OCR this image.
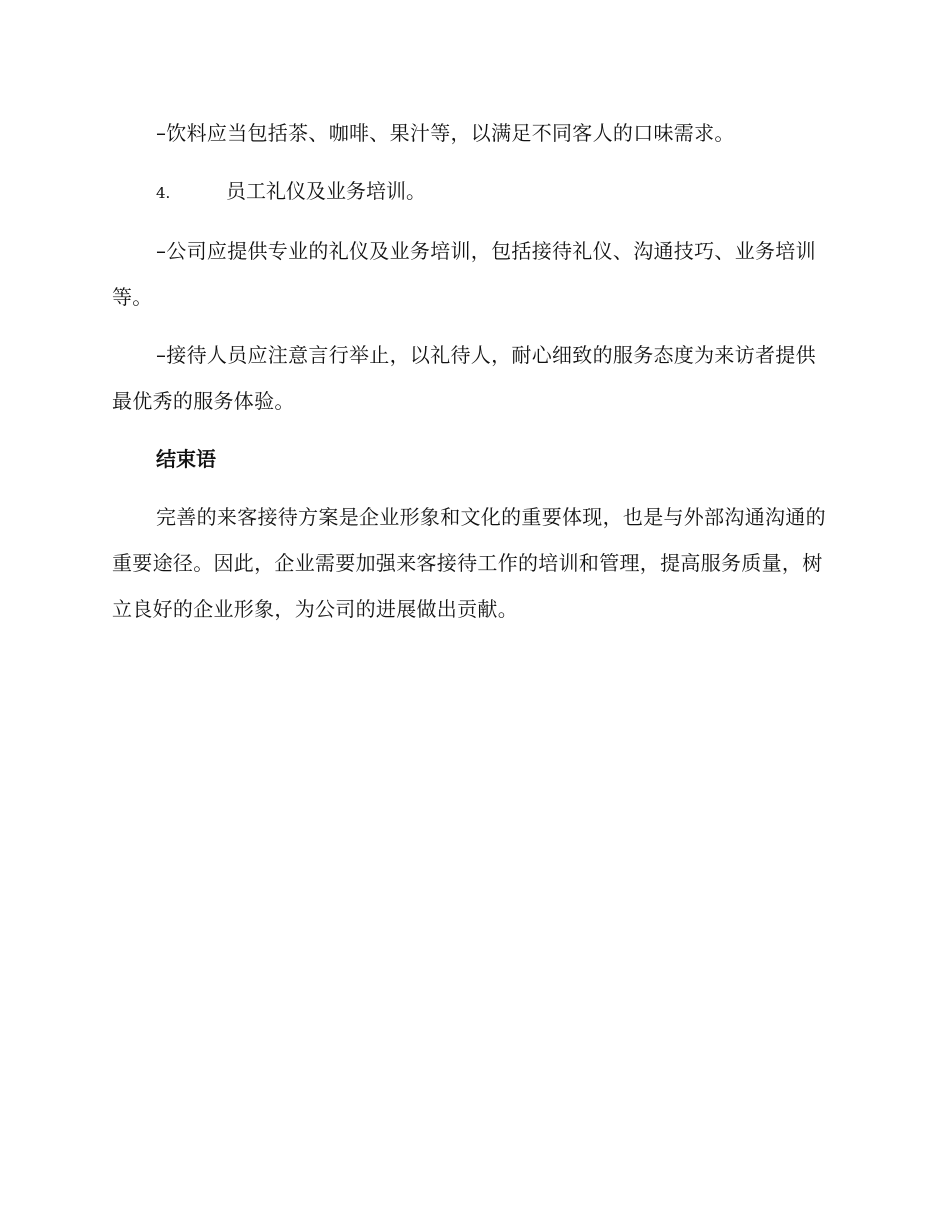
–饮料应当包括茶、咖啡、果汁等，以满足不同客人的口味需求。

4.	员工礼仪及业务培训。

–公司应提供专业的礼仪及业务培训，包括接待礼仪、沟通技巧、业务培训等。

–接待人员应注意言行举止，以礼待人，耐心细致的服务态度为来访者提供最优秀的服务体验。

结束语

完善的来客接待方案是企业形象和文化的重要体现，也是与外部沟通沟通的重要途径。因此，企业需要加强来客接待工作的培训和管理，提高服务质量，树立良好的企业形象，为公司的进展做出贡献。
